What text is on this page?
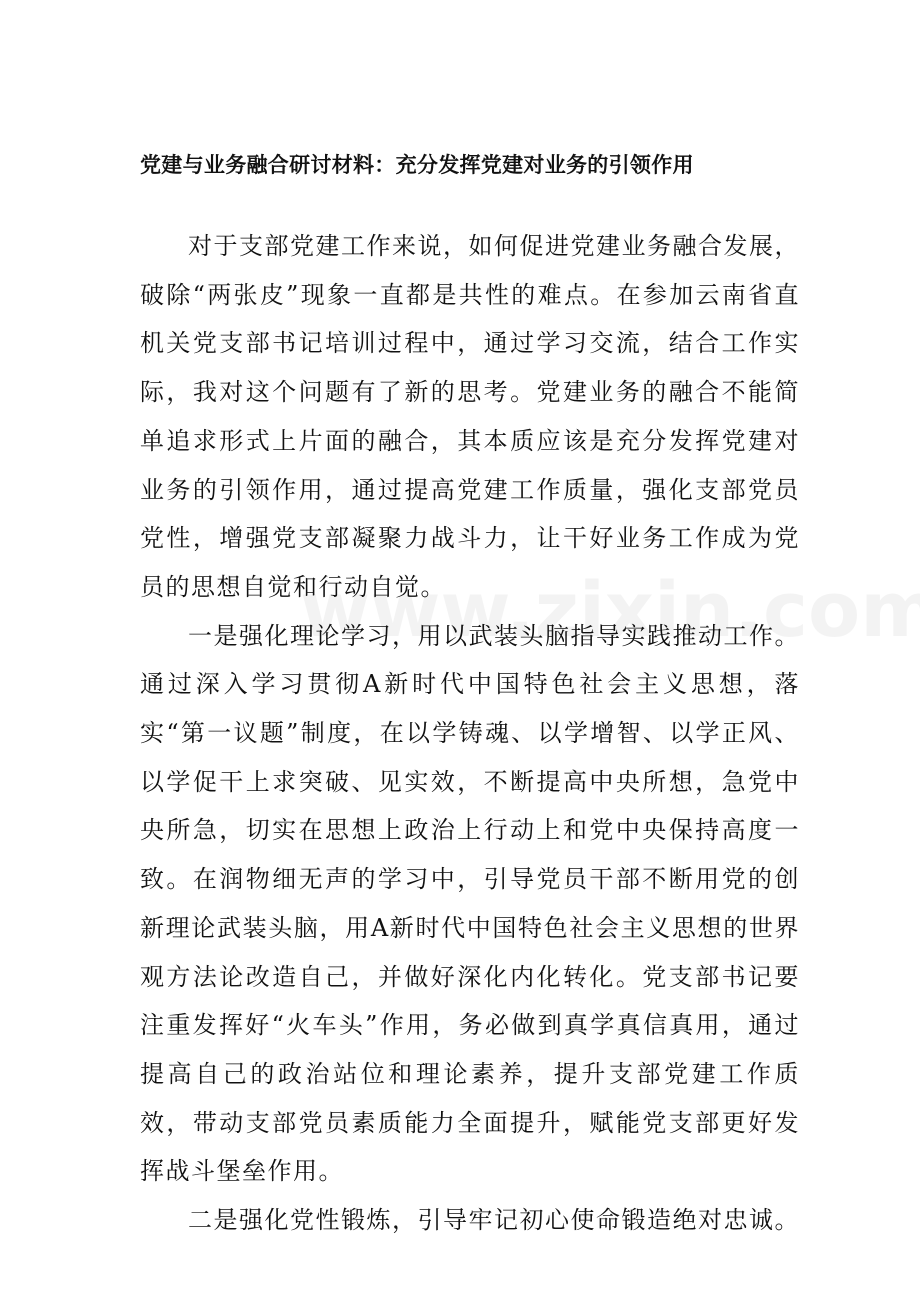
党建与业务融合研讨材料：充分发挥党建对业务的引领作用

对于支部党建工作来说，如何促进党建业务融合发展，破除“两张皮”现象一直都是共性的难点。在参加云南省直机关党支部书记培训过程中，通过学习交流，结合工作实际，我对这个问题有了新的思考。党建业务的融合不能简单追求形式上片面的融合，其本质应该是充分发挥党建对业务的引领作用，通过提高党建工作质量，强化支部党员党性，增强党支部凝聚力战斗力，让干好业务工作成为党员的思想自觉和行动自觉。

一是强化理论学习，用以武装头脑指导实践推动工作。通过深入学习贯彻A新时代中国特色社会主义思想，落实“第一议题”制度，在以学铸魂、以学增智、以学正风、以学促干上求突破、见实效，不断提高中央所想，急党中央所急，切实在思想上政治上行动上和党中央保持高度一致。在润物细无声的学习中，引导党员干部不断用党的创新理论武装头脑，用A新时代中国特色社会主义思想的世界观方法论改造自己，并做好深化内化转化。党支部书记要注重发挥好“火车头”作用，务必做到真学真信真用，通过提高自己的政治站位和理论素养，提升支部党建工作质效，带动支部党员素质能力全面提升，赋能党支部更好发挥战斗堡垒作用。

二是强化党性锻炼，引导牢记初心使命锻造绝对忠诚。
